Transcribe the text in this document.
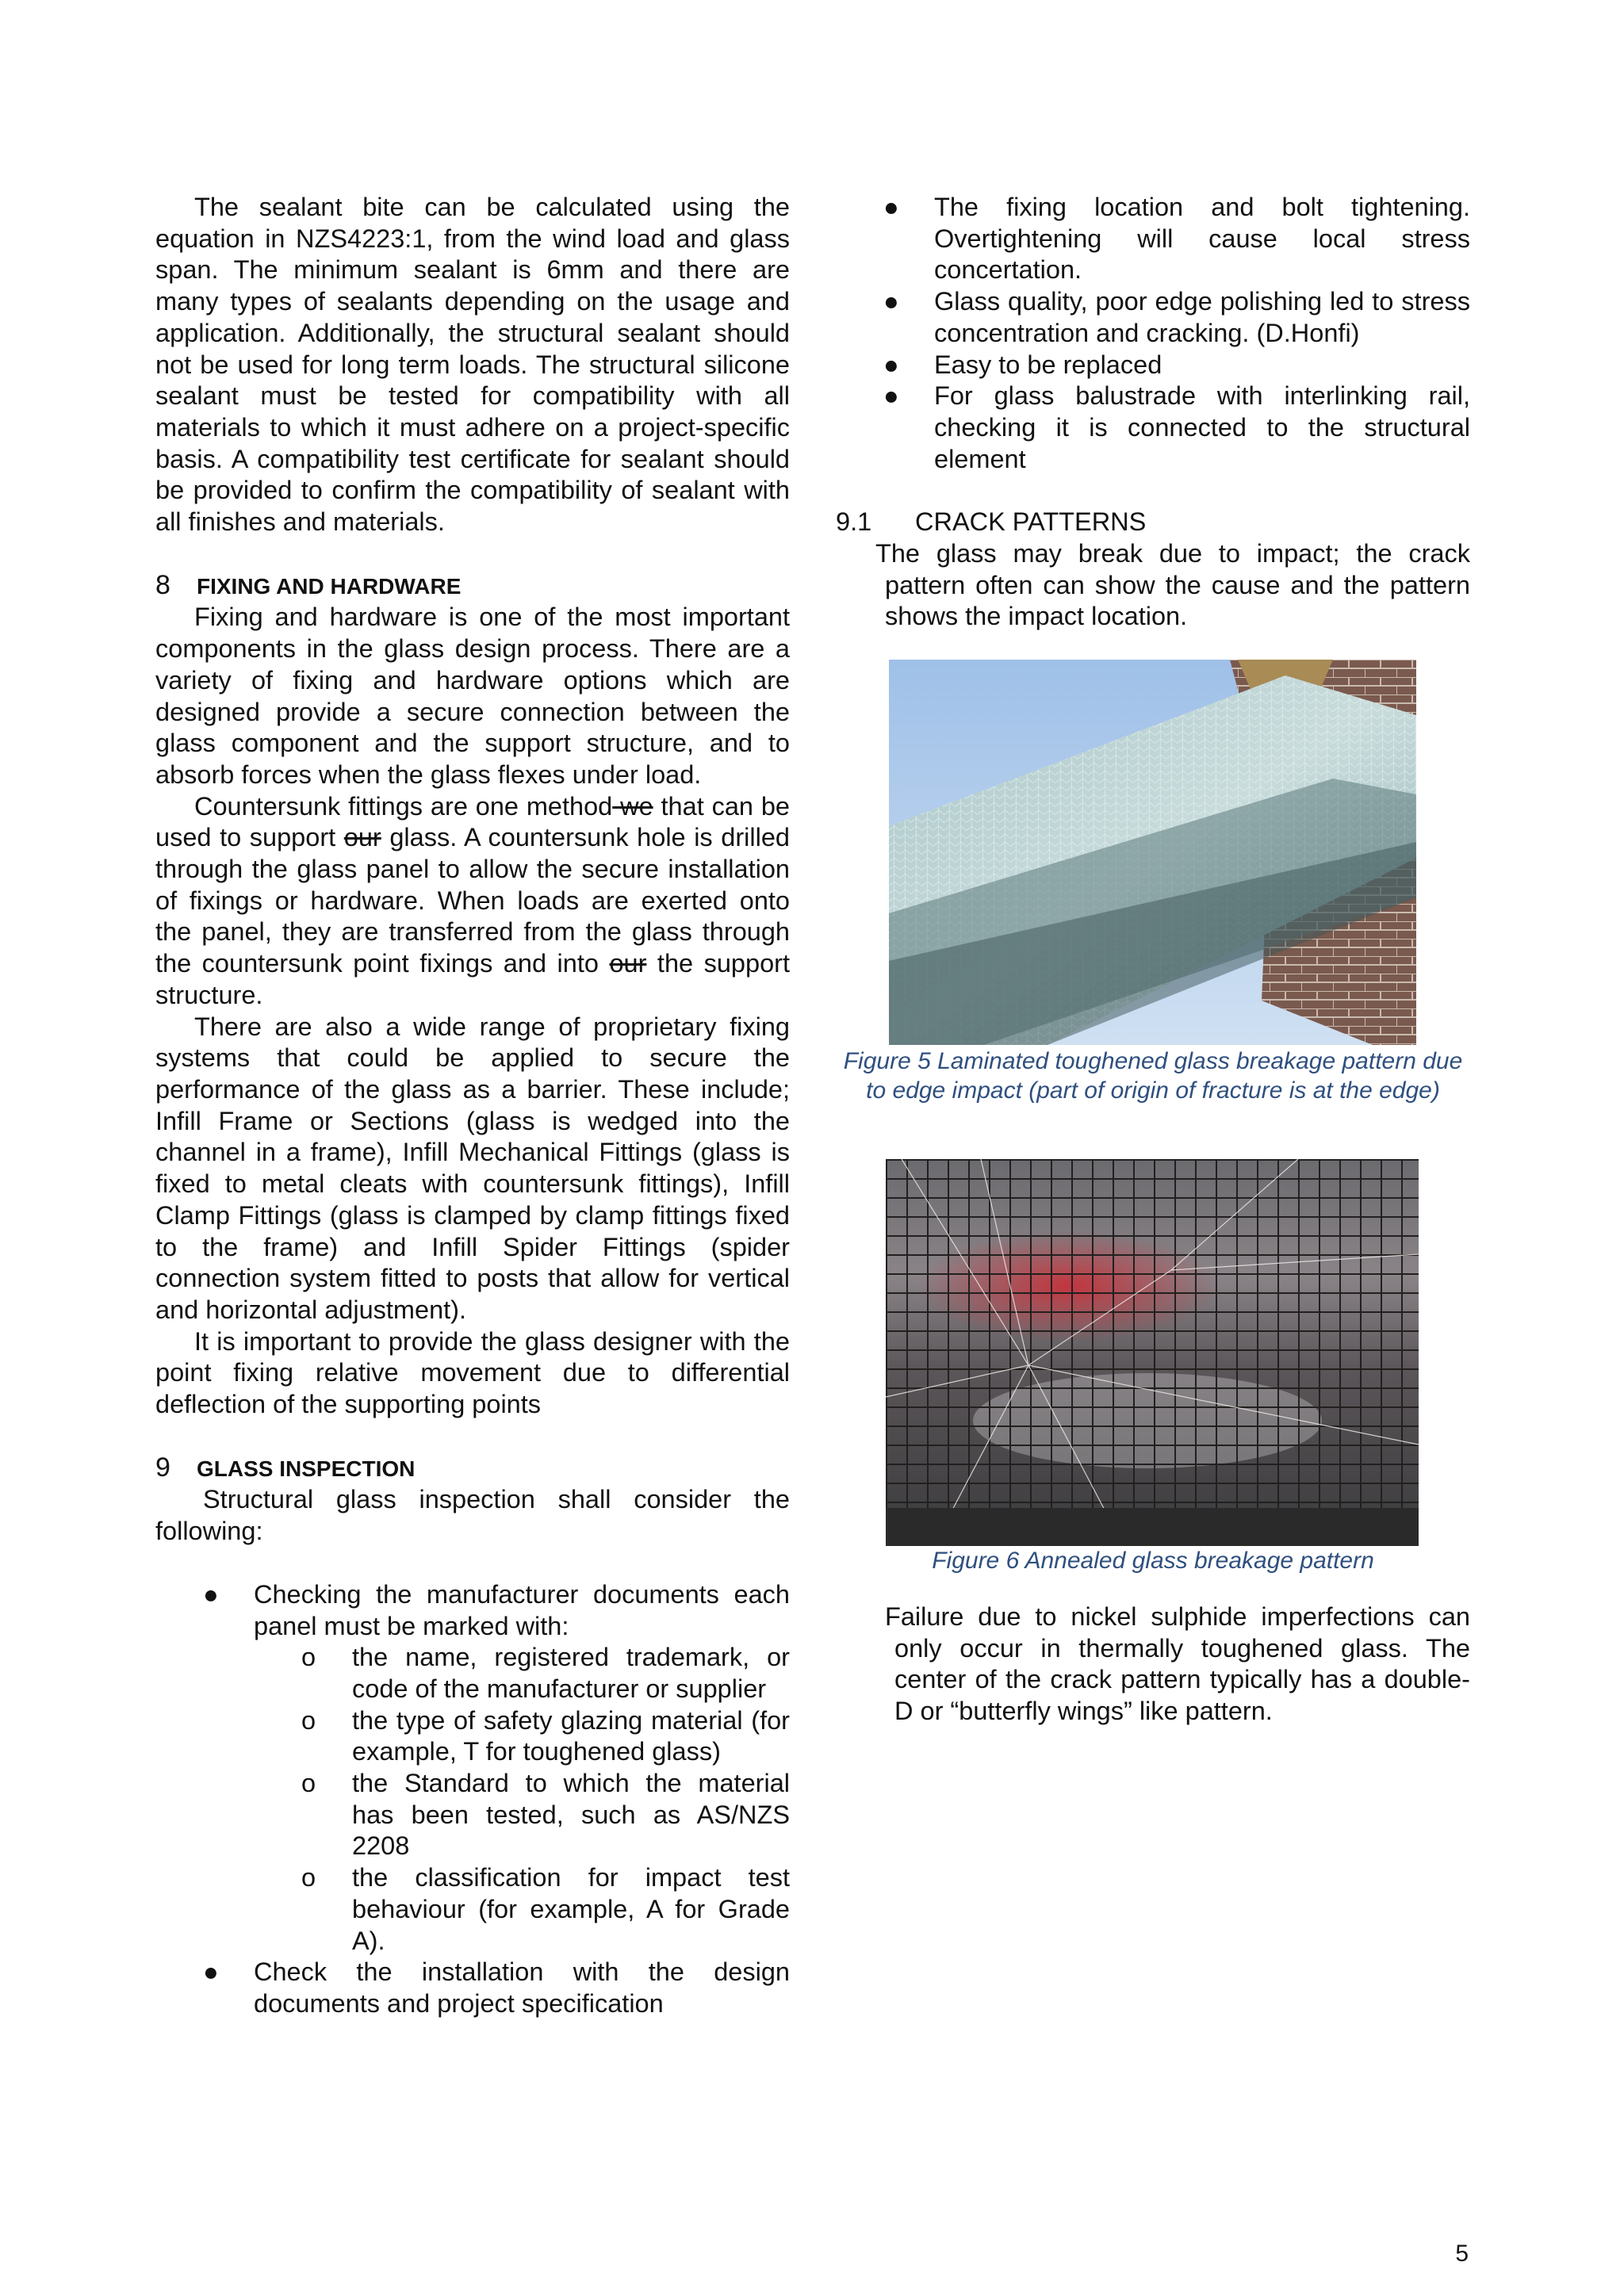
The sealant bite can be calculated using the equation in NZS4223:1, from the wind load and glass span. The minimum sealant is 6mm and there are many types of sealants depending on the usage and application. Additionally, the structural sealant should not be used for long term loads. The structural silicone sealant must be tested for compatibility with all materials to which it must adhere on a project-specific basis. A compatibility test certificate for sealant should be provided to confirm the compatibility of sealant with all finishes and materials.

8	FIXING AND HARDWARE

Fixing and hardware is one of the most important components in the glass design process. There are a variety of fixing and hardware options which are designed provide a secure connection between the glass component and the support structure, and to absorb forces when the glass flexes under load.

Countersunk fittings are one method we that can be used to support our glass. A countersunk hole is drilled through the glass panel to allow the secure installation of fixings or hardware. When loads are exerted onto the panel, they are transferred from the glass through the countersunk point fixings and into our the support structure.

There are also a wide range of proprietary fixing systems that could be applied to secure the performance of the glass as a barrier. These include; Infill Frame or Sections (glass is wedged into the channel in a frame), Infill Mechanical Fittings (glass is fixed to metal cleats with countersunk fittings), Infill Clamp Fittings (glass is clamped by clamp fittings fixed to the frame) and Infill Spider Fittings (spider connection system fitted to posts that allow for vertical and horizontal adjustment).

It is important to provide the glass designer with the point fixing relative movement due to differential deflection of the supporting points

9	GLASS INSPECTION

Structural glass inspection shall consider the following:

● Checking the manufacturer documents each panel must be marked with:
o the name, registered trademark, or code of the manufacturer or supplier
o the type of safety glazing material (for example, T for toughened glass)
o the Standard to which the material has been tested, such as AS/NZS 2208
o the classification for impact test behaviour (for example, A for Grade A).
● Check the installation with the design documents and project specification
● The fixing location and bolt tightening. Overtightening will cause local stress concertation.
● Glass quality, poor edge polishing led to stress concentration and cracking. (D.Honfi)
● Easy to be replaced
● For glass balustrade with interlinking rail, checking it is connected to the structural element
9.1	CRACK PATTERNS

The glass may break due to impact; the crack pattern often can show the cause and the pattern shows the impact location.

Figure 5 Laminated toughened glass breakage pattern due to edge impact (part of origin of fracture is at the edge)
Figure 6 Annealed glass breakage pattern

Failure due to nickel sulphide imperfections can only occur in thermally toughened glass. The center of the crack pattern typically has a double-D or “butterfly wings” like pattern.

5
